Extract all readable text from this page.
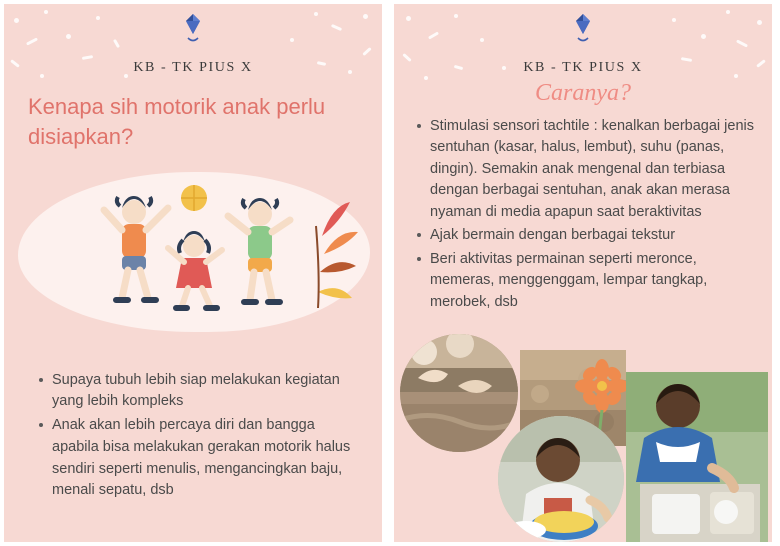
KB - TK PIUS X
Kenapa sih motorik anak perlu disiapkan?
Supaya tubuh lebih siap melakukan kegiatan yang lebih kompleks
Anak akan lebih percaya diri dan bangga apabila bisa melakukan gerakan motorik halus sendiri seperti menulis, mengancingkan baju, menali sepatu, dsb
KB - TK PIUS X
Caranya?
Stimulasi sensori tachtile : kenalkan berbagai jenis sentuhan (kasar, halus, lembut), suhu (panas, dingin). Semakin anak mengenal dan terbiasa dengan berbagai sentuhan, anak akan merasa nyaman di media apapun saat beraktivitas
Ajak bermain dengan berbagai tekstur
Beri aktivitas permainan seperti meronce, memeras, menggenggam, lempar tangkap, merobek, dsb
